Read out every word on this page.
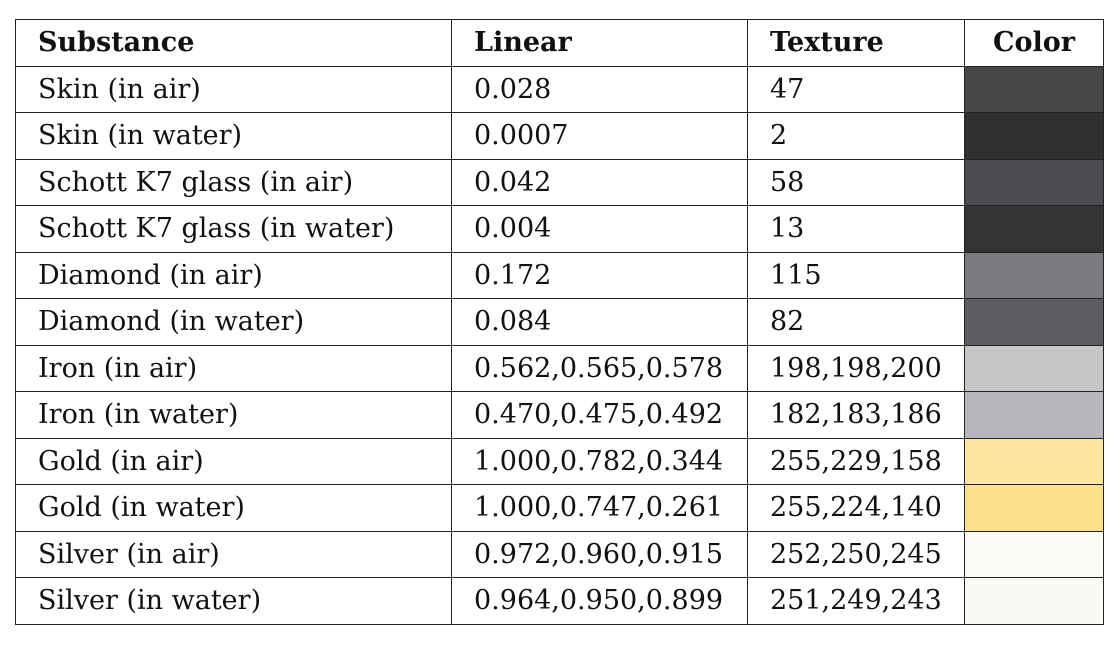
Substance	Linear	Texture	Color
Skin (in air)	0.028	47	
Skin (in water)	0.0007	2	
Schott K7 glass (in air)	0.042	58	
Schott K7 glass (in water)	0.004	13	
Diamond (in air)	0.172	115	
Diamond (in water)	0.084	82	
Iron (in air)	0.562,0.565,0.578	198,198,200	
Iron (in water)	0.470,0.475,0.492	182,183,186	
Gold (in air)	1.000,0.782,0.344	255,229,158	
Gold (in water)	1.000,0.747,0.261	255,224,140	
Silver (in air)	0.972,0.960,0.915	252,250,245	
Silver (in water)	0.964,0.950,0.899	251,249,243	
